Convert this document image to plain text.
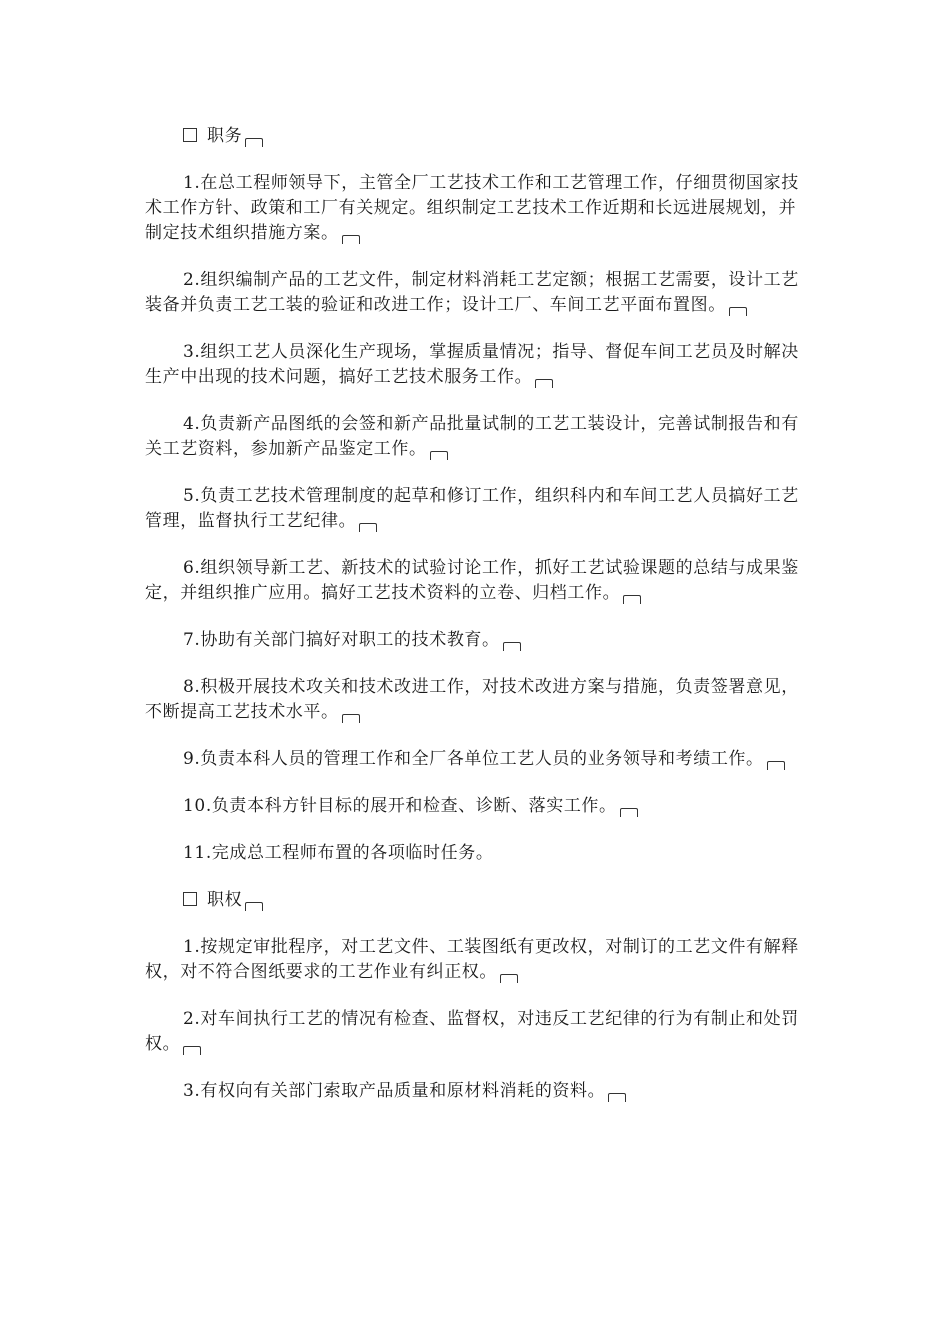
职务
1.在总工程师领导下，主管全厂工艺技术工作和工艺管理工作，仔细贯彻国家技术工作方针、政策和工厂有关规定。组织制定工艺技术工作近期和长远进展规划，并制定技术组织措施方案。
2.组织编制产品的工艺文件，制定材料消耗工艺定额；根据工艺需要，设计工艺装备并负责工艺工装的验证和改进工作；设计工厂、车间工艺平面布置图。
3.组织工艺人员深化生产现场，掌握质量情况；指导、督促车间工艺员及时解决生产中出现的技术问题，搞好工艺技术服务工作。
4.负责新产品图纸的会签和新产品批量试制的工艺工装设计，完善试制报告和有关工艺资料，参加新产品鉴定工作。
5.负责工艺技术管理制度的起草和修订工作，组织科内和车间工艺人员搞好工艺管理，监督执行工艺纪律。
6.组织领导新工艺、新技术的试验讨论工作，抓好工艺试验课题的总结与成果鉴定，并组织推广应用。搞好工艺技术资料的立卷、归档工作。
7.协助有关部门搞好对职工的技术教育。
8.积极开展技术攻关和技术改进工作，对技术改进方案与措施，负责签署意见，不断提高工艺技术水平。
9.负责本科人员的管理工作和全厂各单位工艺人员的业务领导和考绩工作。
10.负责本科方针目标的展开和检查、诊断、落实工作。
11.完成总工程师布置的各项临时任务。
职权
1.按规定审批程序，对工艺文件、工装图纸有更改权，对制订的工艺文件有解释权，对不符合图纸要求的工艺作业有纠正权。
2.对车间执行工艺的情况有检查、监督权，对违反工艺纪律的行为有制止和处罚权。
3.有权向有关部门索取产品质量和原材料消耗的资料。
